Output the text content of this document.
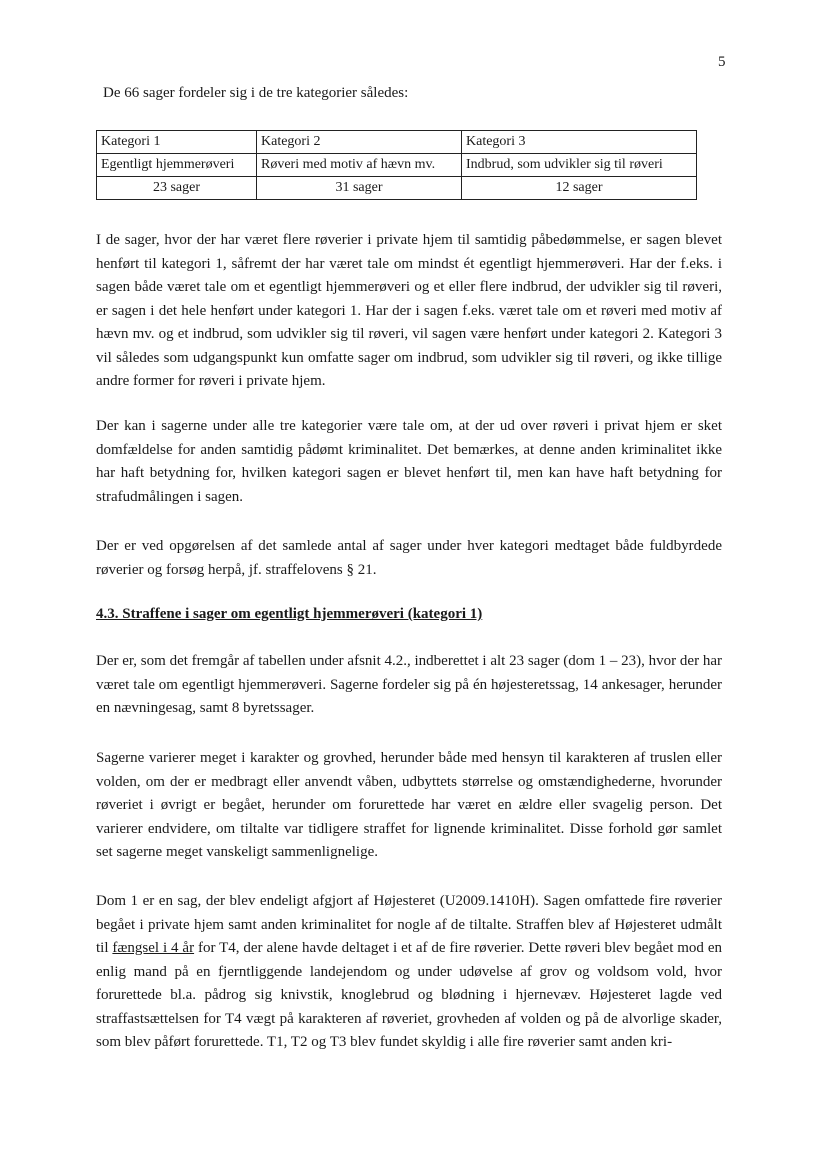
5
De 66 sager fordeler sig i de tre kategorier således:
Kategori 1	Kategori 2	Kategori 3
Egentligt hjemmerøveri	Røveri med motiv af hævn mv.	Indbrud, som udvikler sig til røveri
23 sager	31 sager	12 sager

I de sager, hvor der har været flere røverier i private hjem til samtidig påbedømmelse, er sagen blevet henført til kategori 1, såfremt der har været tale om mindst ét egentligt hjemmerøveri. Har der f.eks. i sagen både været tale om et egentligt hjemmerøveri og et eller flere indbrud, der udvikler sig til røveri, er sagen i det hele henført under kategori 1. Har der i sagen f.eks. været tale om et røveri med motiv af hævn mv. og et indbrud, som udvikler sig til røveri, vil sagen være henført under kategori 2. Kategori 3 vil således som udgangspunkt kun omfatte sager om indbrud, som udvikler sig til røveri, og ikke tillige andre former for røveri i private hjem.

Der kan i sagerne under alle tre kategorier være tale om, at der ud over røveri i privat hjem er sket domfældelse for anden samtidig pådømt kriminalitet. Det bemærkes, at denne anden kriminalitet ikke har haft betydning for, hvilken kategori sagen er blevet henført til, men kan have haft betydning for strafudmålingen i sagen.

Der er ved opgørelsen af det samlede antal af sager under hver kategori medtaget både fuldbyrdede røverier og forsøg herpå, jf. straffelovens § 21.

4.3. Straffene i sager om egentligt hjemmerøveri (kategori 1)

Der er, som det fremgår af tabellen under afsnit 4.2., indberettet i alt 23 sager (dom 1 – 23), hvor der har været tale om egentligt hjemmerøveri. Sagerne fordeler sig på én højesteretssag, 14 ankesager, herunder en nævningesag, samt 8 byretssager.

Sagerne varierer meget i karakter og grovhed, herunder både med hensyn til karakteren af truslen eller volden, om der er medbragt eller anvendt våben, udbyttets størrelse og omstændighederne, hvorunder røveriet i øvrigt er begået, herunder om forurettede har været en ældre eller svagelig person. Det varierer endvidere, om tiltalte var tidligere straffet for lignende kriminalitet. Disse forhold gør samlet set sagerne meget vanskeligt sammenlignelige.

Dom 1 er en sag, der blev endeligt afgjort af Højesteret (U2009.1410H). Sagen omfattede fire røverier begået i private hjem samt anden kriminalitet for nogle af de tiltalte. Straffen blev af Højesteret udmålt til fængsel i 4 år for T4, der alene havde deltaget i et af de fire røverier. Dette røveri blev begået mod en enlig mand på en fjerntliggende landejendom og under udøvelse af grov og voldsom vold, hvor forurettede bl.a. pådrog sig knivstik, knoglebrud og blødning i hjernevæv. Højesteret lagde ved straffastsættelsen for T4 vægt på karakteren af røveriet, grovheden af volden og på de alvorlige skader, som blev påført forurettede. T1, T2 og T3 blev fundet skyldig i alle fire røverier samt anden kri-
